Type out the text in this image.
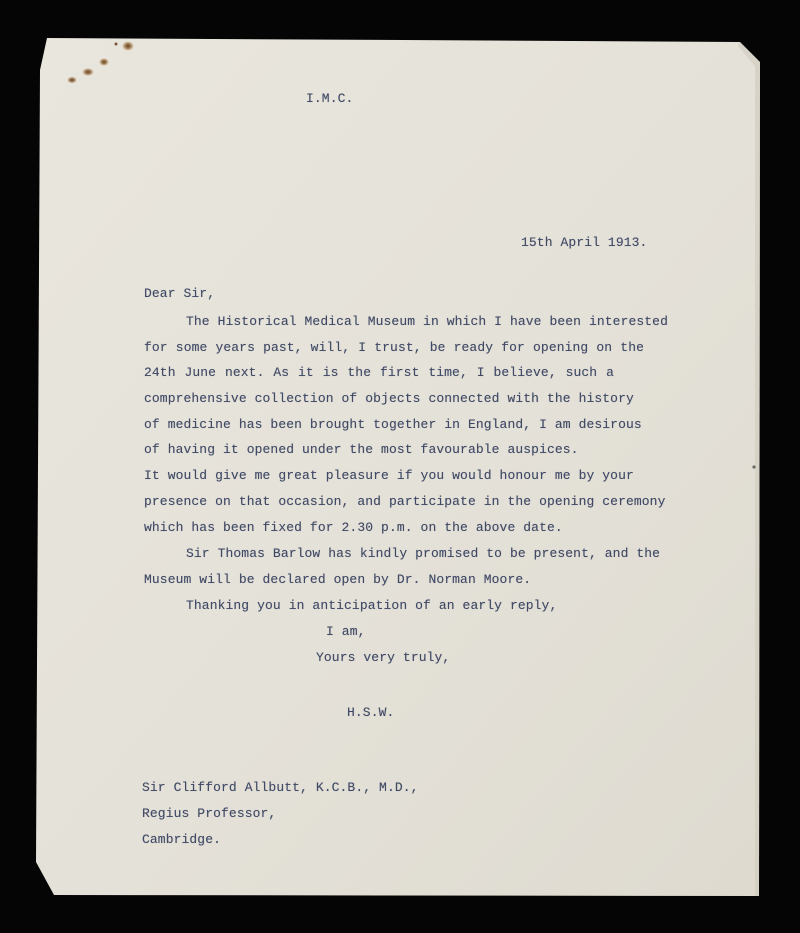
I.M.C.

15th April 1913.

Dear Sir,

The Historical Medical Museum in which I have been interested

for some years past, will, I trust, be ready for opening on the

24th June next. As it is the first time, I believe, such a

comprehensive collection of objects connected with the history

of medicine has been brought together in England, I am desirous

of having it opened under the most favourable auspices.

It would give me great pleasure if you would honour me by your

presence on that occasion, and participate in the opening ceremony

which has been fixed for 2.30 p.m. on the above date.

Sir Thomas Barlow has kindly promised to be present, and the

Museum will be declared open by Dr. Norman Moore.

Thanking you in anticipation of an early reply,

I am,

Yours very truly,

H.S.W.

Sir Clifford Allbutt, K.C.B., M.D.,

Regius Professor,

Cambridge.
